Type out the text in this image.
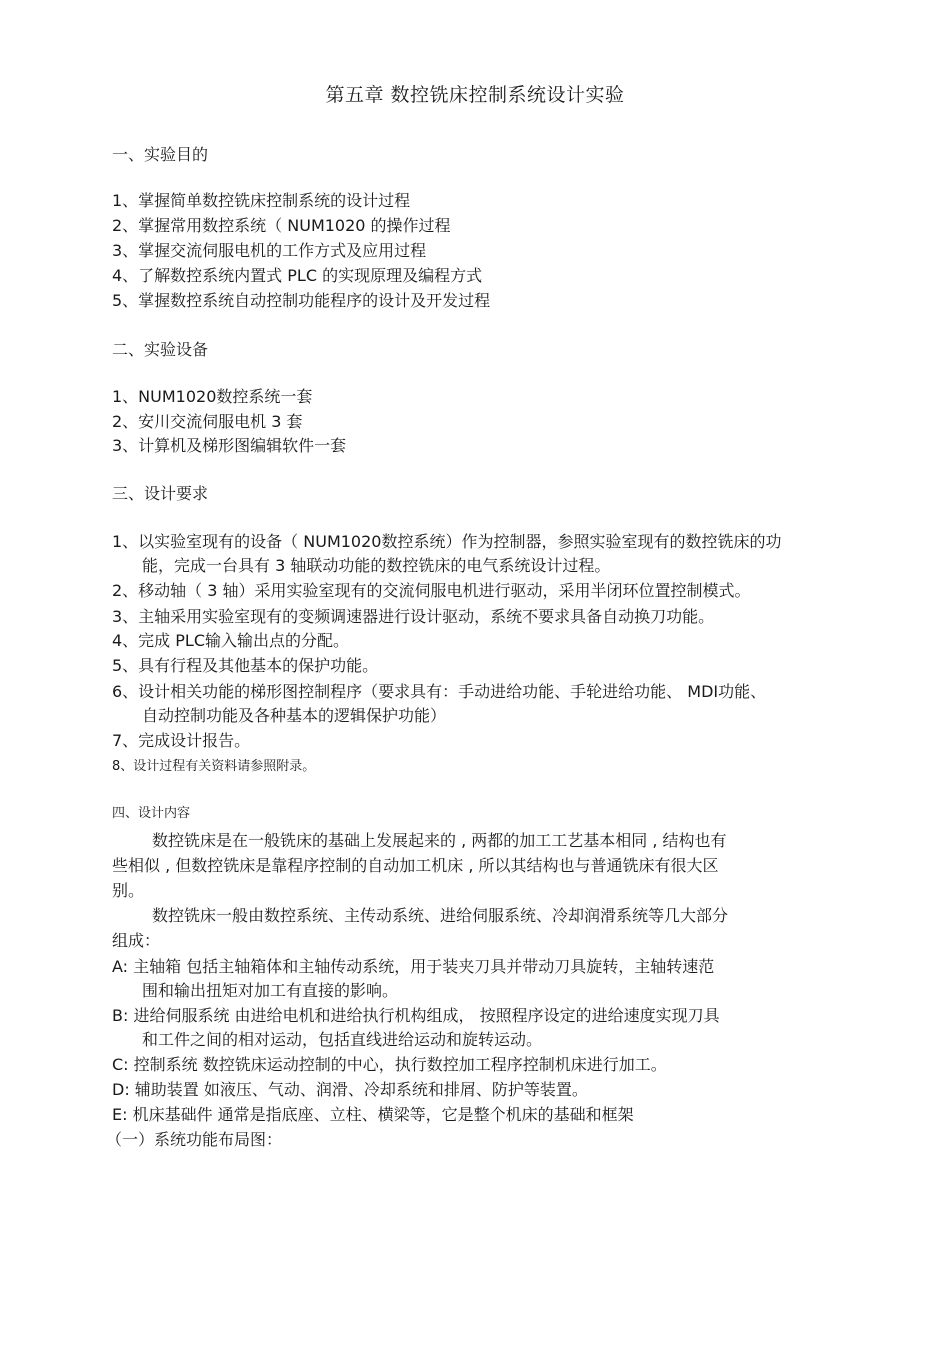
第五章 数控铣床控制系统设计实验
一、实验目的
1、掌握简单数控铣床控制系统的设计过程
2、掌握常用数控系统（ NUM1020 的操作过程
3、掌握交流伺服电机的工作方式及应用过程
4、了解数控系统内置式 PLC 的实现原理及编程方式
5、掌握数控系统自动控制功能程序的设计及开发过程
二、实验设备
1、NUM1020数控系统一套
2、安川交流伺服电机 3 套
3、计算机及梯形图编辑软件一套
三、设计要求
1、以实验室现有的设备（ NUM1020数控系统）作为控制器，参照实验室现有的数控铣床的功
能，完成一台具有 3 轴联动功能的数控铣床的电气系统设计过程。
2、移动轴（ 3 轴）采用实验室现有的交流伺服电机进行驱动，采用半闭环位置控制模式。
3、主轴采用实验室现有的变频调速器进行设计驱动，系统不要求具备自动换刀功能。
4、完成 PLC输入输出点的分配。
5、具有行程及其他基本的保护功能。
6、设计相关功能的梯形图控制程序（要求具有：手动进给功能、手轮进给功能、 MDI功能、
自动控制功能及各种基本的逻辑保护功能）
7、完成设计报告。
8、设计过程有关资料请参照附录。
四、设计内容
数控铣床是在一般铣床的基础上发展起来的 , 两都的加工工艺基本相同 , 结构也有
些相似 , 但数控铣床是靠程序控制的自动加工机床 , 所以其结构也与普通铣床有很大区
别。
数控铣床一般由数控系统、主传动系统、进给伺服系统、冷却润滑系统等几大部分
组成：
A: 主轴箱 包括主轴箱体和主轴传动系统，用于装夹刀具并带动刀具旋转，主轴转速范
围和输出扭矩对加工有直接的影响。
B: 进给伺服系统 由进给电机和进给执行机构组成， 按照程序设定的进给速度实现刀具
和工件之间的相对运动，包括直线进给运动和旋转运动。
C: 控制系统 数控铣床运动控制的中心，执行数控加工程序控制机床进行加工。
D: 辅助装置 如液压、气动、润滑、冷却系统和排屑、防护等装置。
E: 机床基础件 通常是指底座、立柱、横梁等，它是整个机床的基础和框架
（一）系统功能布局图：
